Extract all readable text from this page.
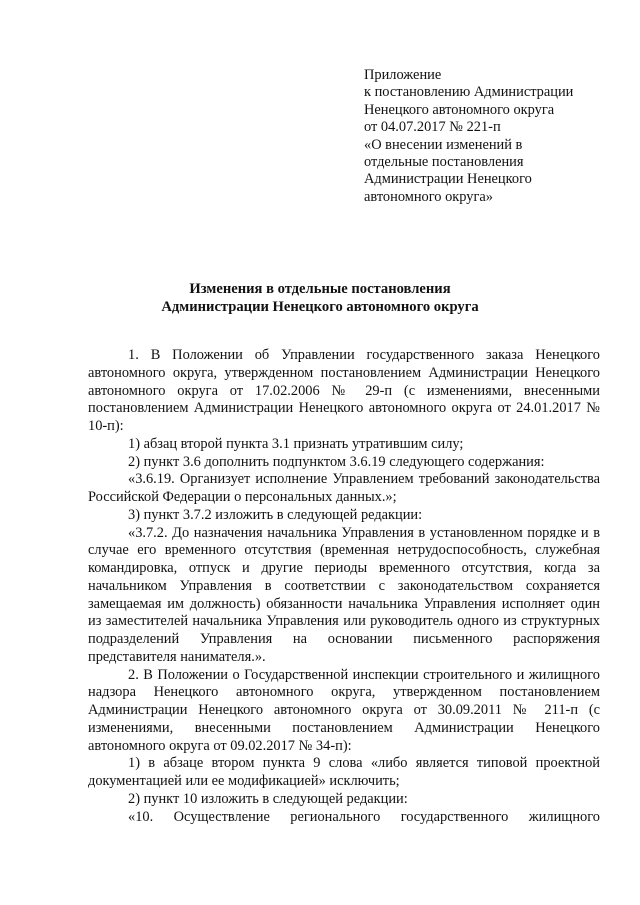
Приложение
к постановлению Администрации
Ненецкого автономного округа
от 04.07.2017 № 221-п
«О внесении изменений в
отдельные постановления
Администрации Ненецкого
автономного округа»
Изменения в отдельные постановления
Администрации Ненецкого автономного округа

1. В Положении об Управлении государственного заказа Ненецкого автономного округа, утвержденном постановлением Администрации Ненецкого автономного округа от 17.02.2006 № 29-п (с изменениями, внесенными постановлением Администрации Ненецкого автономного округа от 24.01.2017 № 10-п):

1) абзац второй пункта 3.1 признать утратившим силу;

2) пункт 3.6 дополнить подпунктом 3.6.19 следующего содержания:

«3.6.19. Организует исполнение Управлением требований законодательства Российской Федерации о персональных данных.»;

3) пункт 3.7.2 изложить в следующей редакции:

«3.7.2. До назначения начальника Управления в установленном порядке и в случае его временного отсутствия (временная нетрудоспособность, служебная командировка, отпуск и другие периоды временного отсутствия, когда за начальником Управления в соответствии с законодательством сохраняется замещаемая им должность) обязанности начальника Управления исполняет один из заместителей начальника Управления или руководитель одного из структурных подразделений Управления на основании письменного распоряжения представителя нанимателя.».

2. В Положении о Государственной инспекции строительного и жилищного надзора Ненецкого автономного округа, утвержденном постановлением Администрации Ненецкого автономного округа от 30.09.2011 № 211-п (с изменениями, внесенными постановлением Администрации Ненецкого автономного округа от 09.02.2017 № 34-п):

1) в абзаце втором пункта 9 слова «либо является типовой проектной документацией или ее модификацией» исключить;

2) пункт 10 изложить в следующей редакции:

«10. Осуществление регионального государственного жилищного
